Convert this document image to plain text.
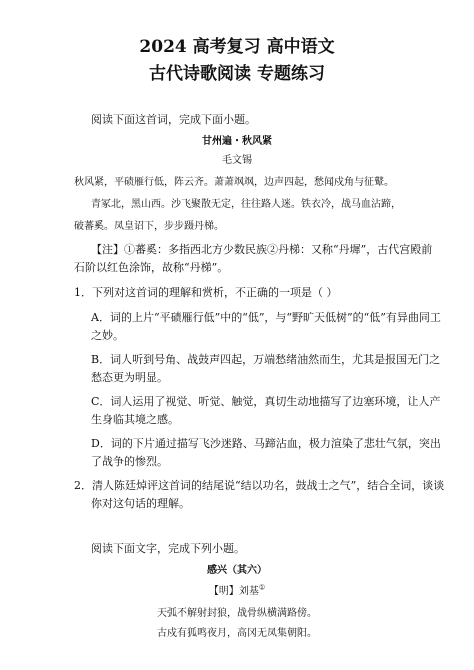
2024 高考复习 高中语文
古代诗歌阅读 专题练习
阅读下面这首词，完成下面小题。
甘州遍・秋风紧
毛文锡
秋风紧，平碛雁行低，阵云齐。萧萧飒飒，边声四起，愁闻戍角与征鼙。
青冢北，黑山西。沙飞聚散无定，往往路人迷。铁衣冷，战马血沾蹄，
破蕃奚。凤皇诏下，步步蹑丹梯。
【注】①蕃奚：多指西北方少数民族②丹梯：又称“丹墀”，古代宫殿前
石阶以红色涂饰，故称“丹梯”。
1．下列对这首词的理解和赏析，不正确的一项是（ ）
A．词的上片“平碛雁行低”中的“低”，与“野旷天低树”的“低”有异曲同工
之妙。
B．词人听到号角、战鼓声四起，万端愁绪油然而生，尤其是报国无门之
愁态更为明显。
C．词人运用了视觉、听觉、触觉，真切生动地描写了边塞环境，让人产
生身临其境之感。
D．词的下片通过描写飞沙迷路、马蹄沾血，极力渲染了悲壮气氛，突出
了战争的惨烈。
2．清人陈廷焯评这首词的结尾说“结以功名，鼓战士之气”，结合全词，谈谈
你对这句话的理解。
阅读下面文字，完成下列小题。
感兴（其六）
【明】刘基①
天弧不解射封狼，战骨纵横满路傍。
古戍有狐鸣夜月，高冈无凤集朝阳。
